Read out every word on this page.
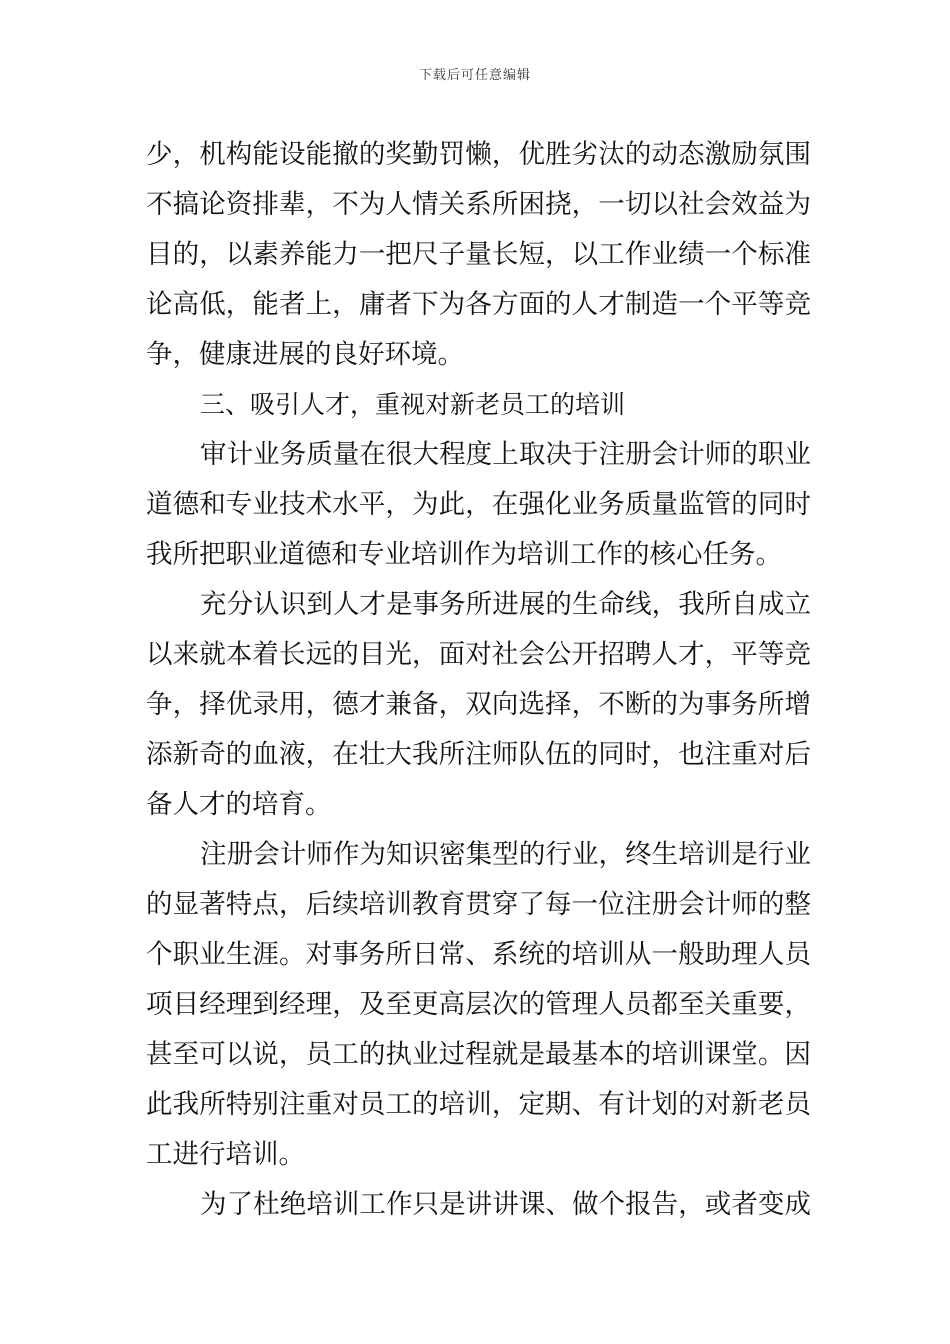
下载后可任意编辑
少，机构能设能撤的奖勤罚懒，优胜劣汰的动态激励氛围
不搞论资排辈，不为人情关系所困挠，一切以社会效益为
目的，以素养能力一把尺子量长短，以工作业绩一个标准
论高低，能者上，庸者下为各方面的人才制造一个平等竞
争，健康进展的良好环境。
三、吸引人才，重视对新老员工的培训
审计业务质量在很大程度上取决于注册会计师的职业
道德和专业技术水平，为此，在强化业务质量监管的同时
我所把职业道德和专业培训作为培训工作的核心任务。
充分认识到人才是事务所进展的生命线，我所自成立
以来就本着长远的目光，面对社会公开招聘人才，平等竞
争，择优录用，德才兼备，双向选择，不断的为事务所增
添新奇的血液，在壮大我所注师队伍的同时，也注重对后
备人才的培育。
注册会计师作为知识密集型的行业，终生培训是行业
的显著特点，后续培训教育贯穿了每一位注册会计师的整
个职业生涯。对事务所日常、系统的培训从一般助理人员
项目经理到经理，及至更高层次的管理人员都至关重要，
甚至可以说，员工的执业过程就是最基本的培训课堂。因
此我所特别注重对员工的培训，定期、有计划的对新老员
工进行培训。
为了杜绝培训工作只是讲讲课、做个报告，或者变成
